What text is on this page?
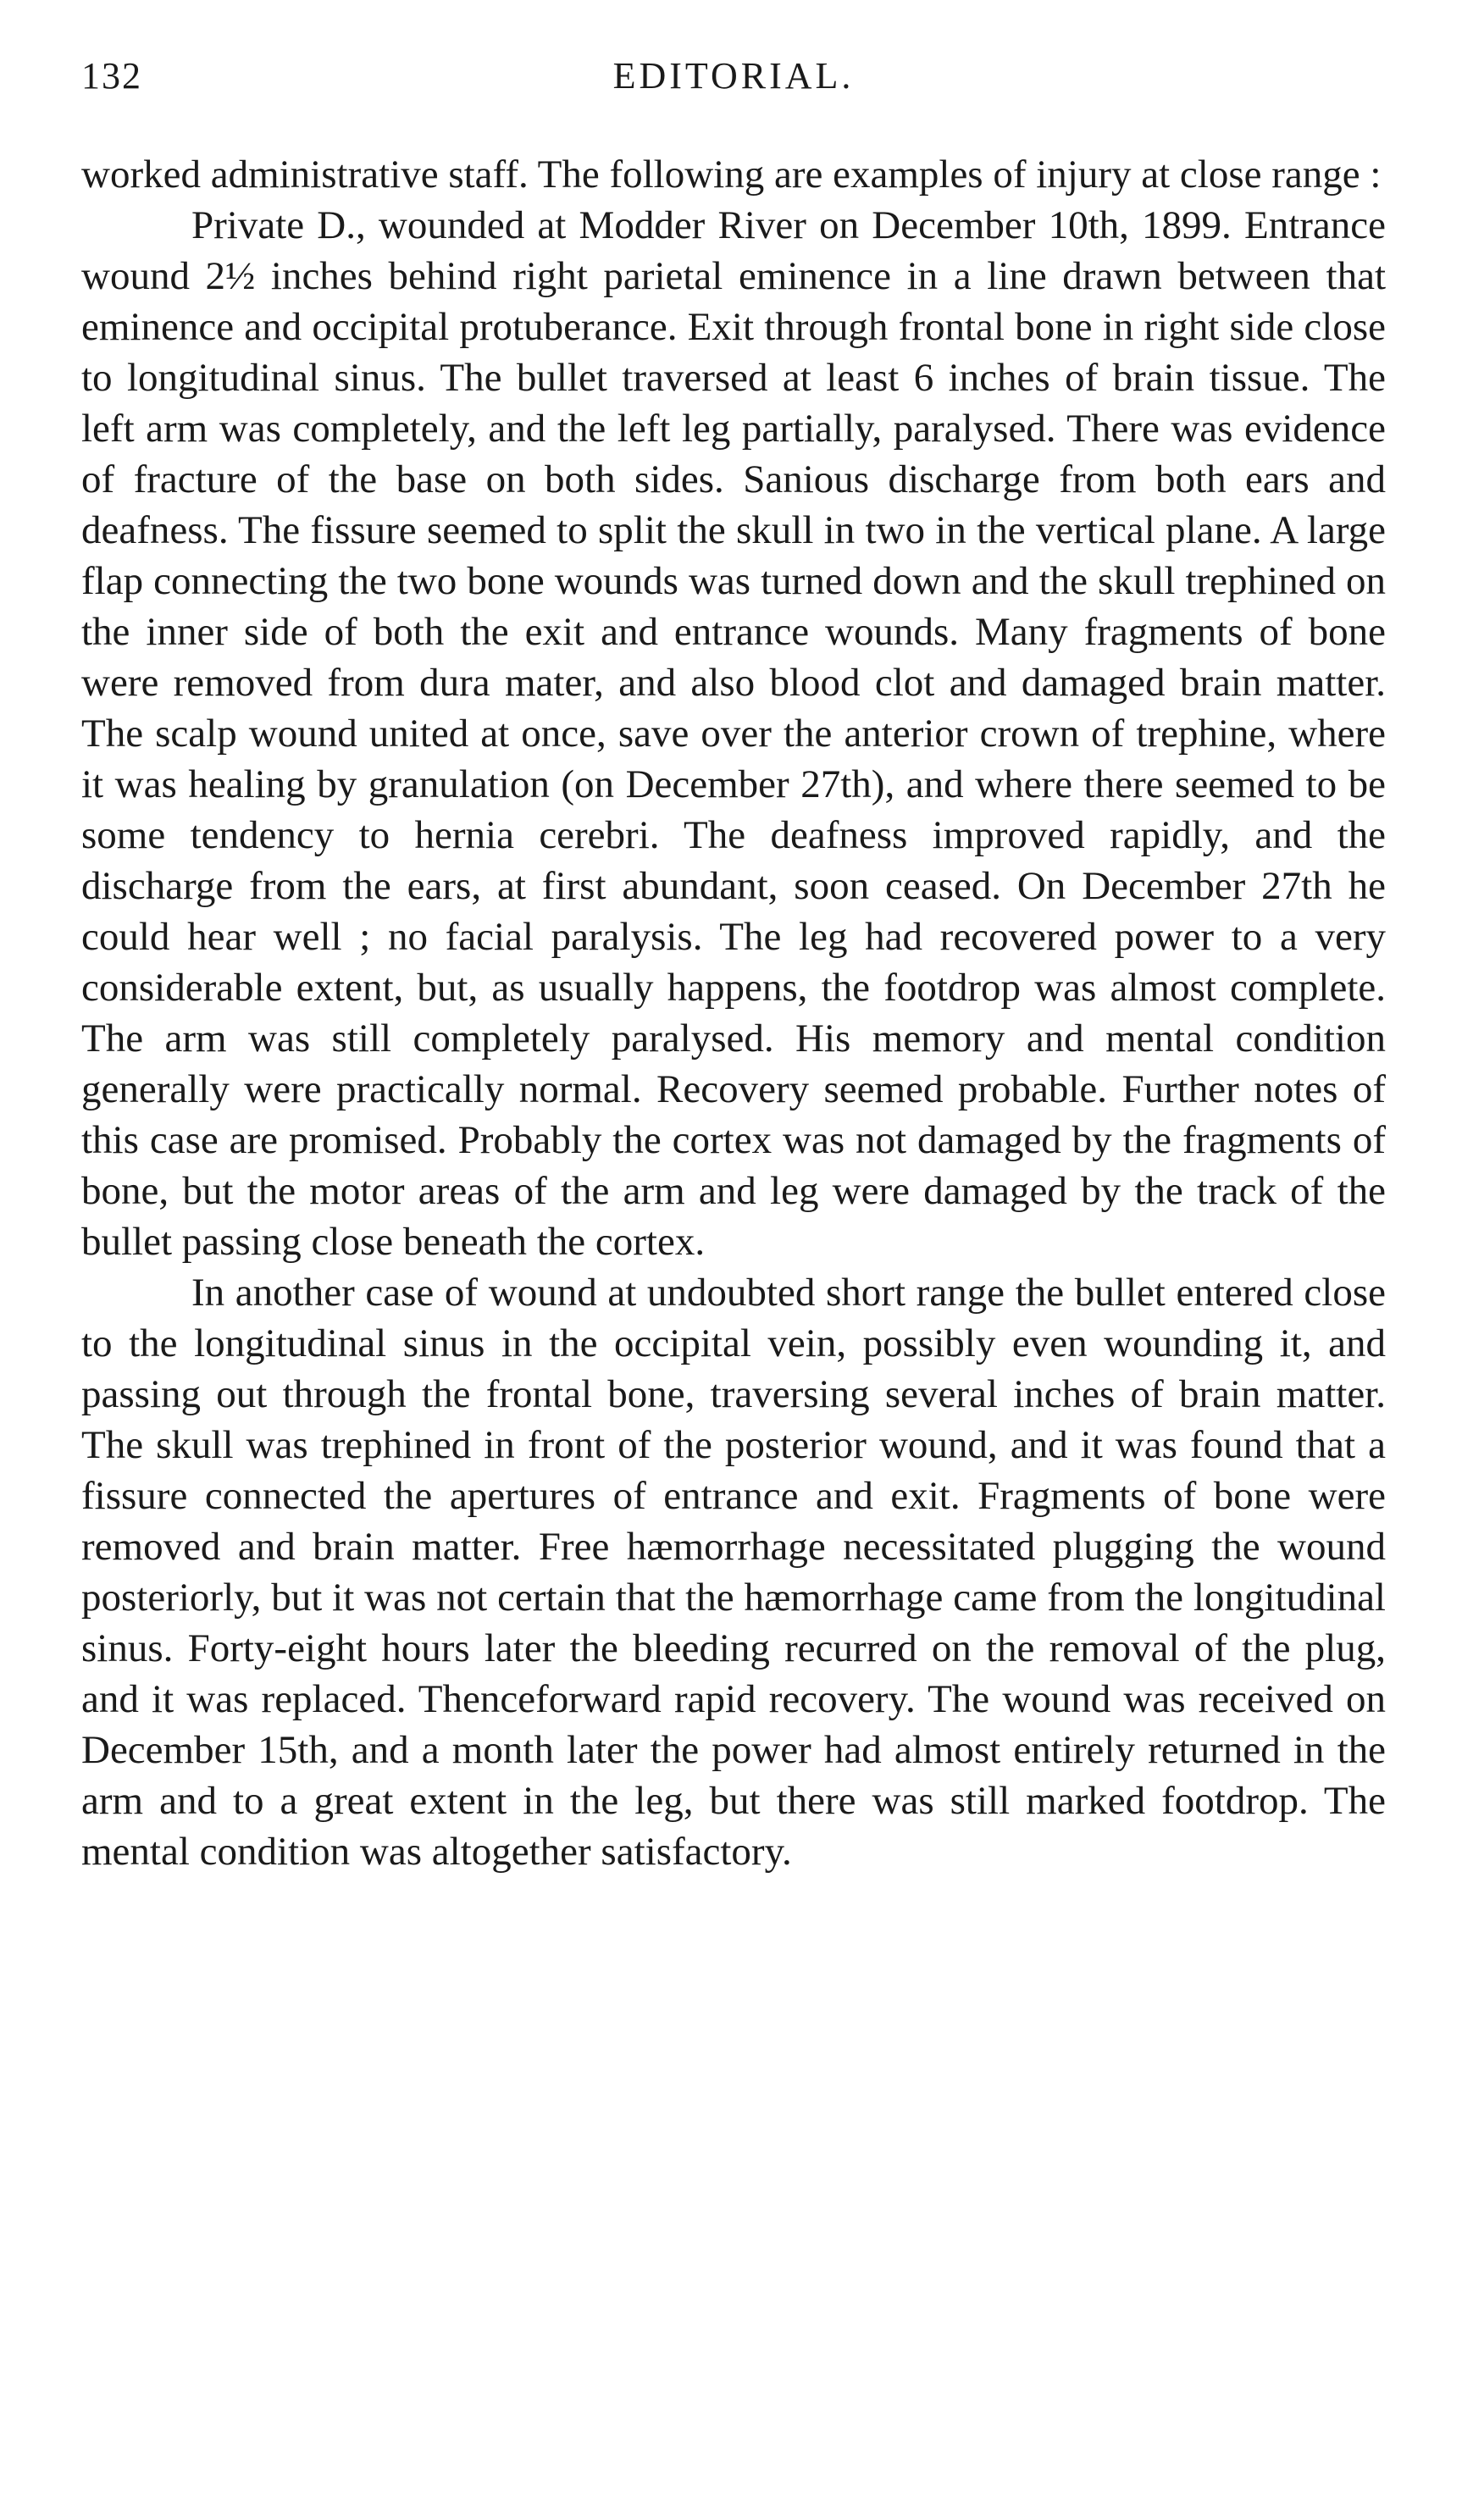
132	EDITORIAL.

worked administrative staff. The following are examples of injury at close range :

Private D., wounded at Modder River on December 10th, 1899. Entrance wound 2½ inches behind right parietal eminence in a line drawn between that eminence and occipital protuberance. Exit through frontal bone in right side close to longitudinal sinus. The bullet traversed at least 6 inches of brain tissue. The left arm was completely, and the left leg partially, paralysed. There was evidence of fracture of the base on both sides. Sanious discharge from both ears and deafness. The fissure seemed to split the skull in two in the vertical plane. A large flap connecting the two bone wounds was turned down and the skull trephined on the inner side of both the exit and entrance wounds. Many fragments of bone were removed from dura mater, and also blood clot and damaged brain matter. The scalp wound united at once, save over the anterior crown of trephine, where it was healing by granulation (on December 27th), and where there seemed to be some tendency to hernia cerebri. The deafness improved rapidly, and the discharge from the ears, at first abundant, soon ceased. On December 27th he could hear well ; no facial paralysis. The leg had recovered power to a very considerable extent, but, as usually happens, the footdrop was almost complete. The arm was still completely paralysed. His memory and mental condition generally were practically normal. Recovery seemed probable. Further notes of this case are promised. Probably the cortex was not damaged by the fragments of bone, but the motor areas of the arm and leg were damaged by the track of the bullet passing close beneath the cortex.

In another case of wound at undoubted short range the bullet entered close to the longitudinal sinus in the occipital vein, possibly even wounding it, and passing out through the frontal bone, traversing several inches of brain matter. The skull was trephined in front of the posterior wound, and it was found that a fissure connected the apertures of entrance and exit. Fragments of bone were removed and brain matter. Free hæmorrhage necessitated plugging the wound posteriorly, but it was not certain that the hæmorrhage came from the longitudinal sinus. Forty-eight hours later the bleeding recurred on the removal of the plug, and it was replaced. Thenceforward rapid recovery. The wound was received on December 15th, and a month later the power had almost entirely returned in the arm and to a great extent in the leg, but there was still marked footdrop. The mental condition was altogether satisfactory.
